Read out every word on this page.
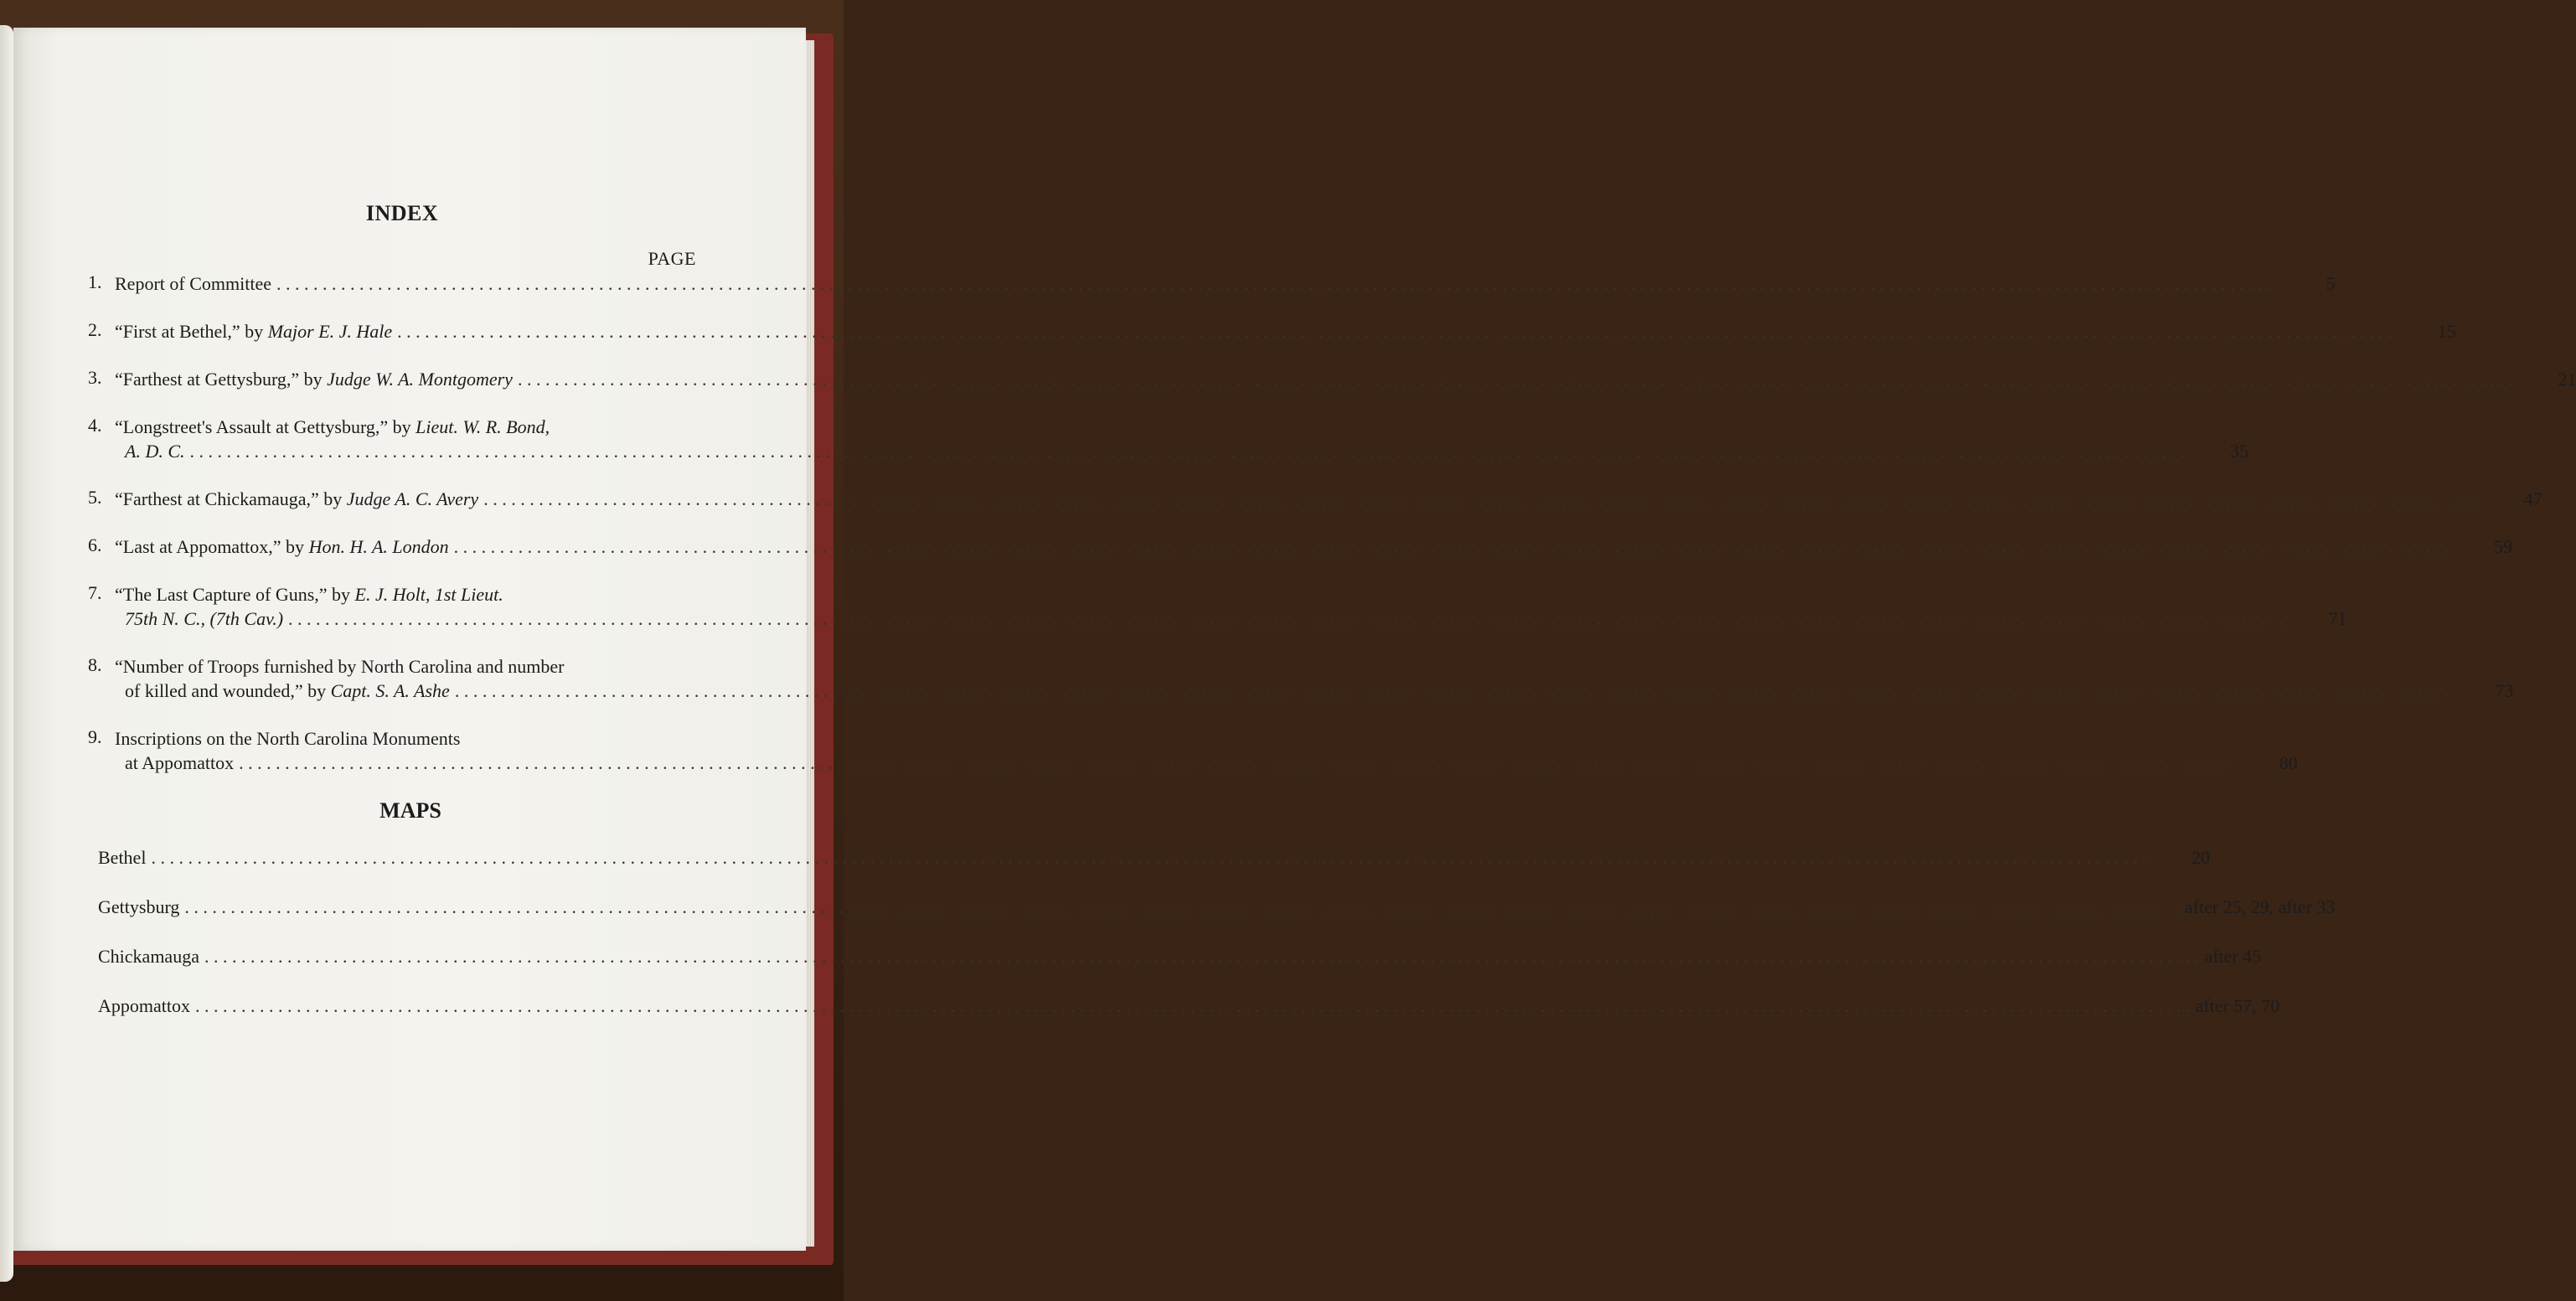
INDEX
PAGE
1. Report of Committee . . .	5
2. “First at Bethel,” by Major E. J. Hale . . .	15
3. “Farthest at Gettysburg,” by Judge W. A. Montgomery . . .	21
4. “Longstreet's Assault at Gettysburg,” by Lieut. W. R. Bond,
A. D. C. . . .	35
5. “Farthest at Chickamauga,” by Judge A. C. Avery . . .	47
6. “Last at Appomattox,” by Hon. H. A. London . . .	59
7. “The Last Capture of Guns,” by E. J. Holt, 1st Lieut.
75th N. C., (7th Cav.) . . .	71
8. “Number of Troops furnished by North Carolina and number
of killed and wounded,” by Capt. S. A. Ashe . . .	73
9. Inscriptions on the North Carolina Monuments
at Appomattox . . .	80
MAPS
Bethel . . .	20
Gettysburg . . .	after 25, 29, after 33
Chickamauga . . .	after 45
Appomattox . . .	after 57, 70
